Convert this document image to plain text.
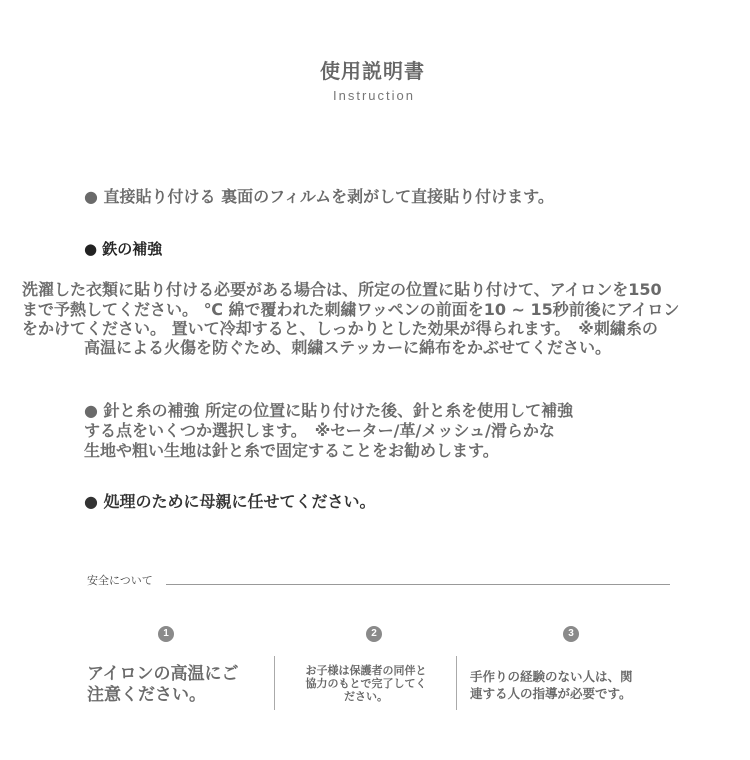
使用説明書
Instruction
● 直接貼り付ける 裏面のフィルムを剥がして直接貼り付けます。
● 鉄の補強
洗濯した衣類に貼り付ける必要がある場合は、所定の位置に貼り付けて、アイロンを150
まで予熱してください。 ℃ 綿で覆われた刺繍ワッペンの前面を10 ~ 15秒前後にアイロン
をかけてください。 置いて冷却すると、しっかりとした効果が得られます。　※刺繍糸の
高温による火傷を防ぐため、刺繍ステッカーに綿布をかぶせてください。
● 針と糸の補強 所定の位置に貼り付けた後、針と糸を使用して補強
する点をいくつか選択します。　※セーター/革/メッシュ/滑らかな
生地や粗い生地は針と糸で固定することをお勧めします。
● 処理のために母親に任せてください。
安全について
1	2	3
アイロンの高温にご
注意ください。
お子様は保護者の同伴と
協力のもとで完了してく
ださい。
手作りの経験のない人は、関
連する人の指導が必要です。
